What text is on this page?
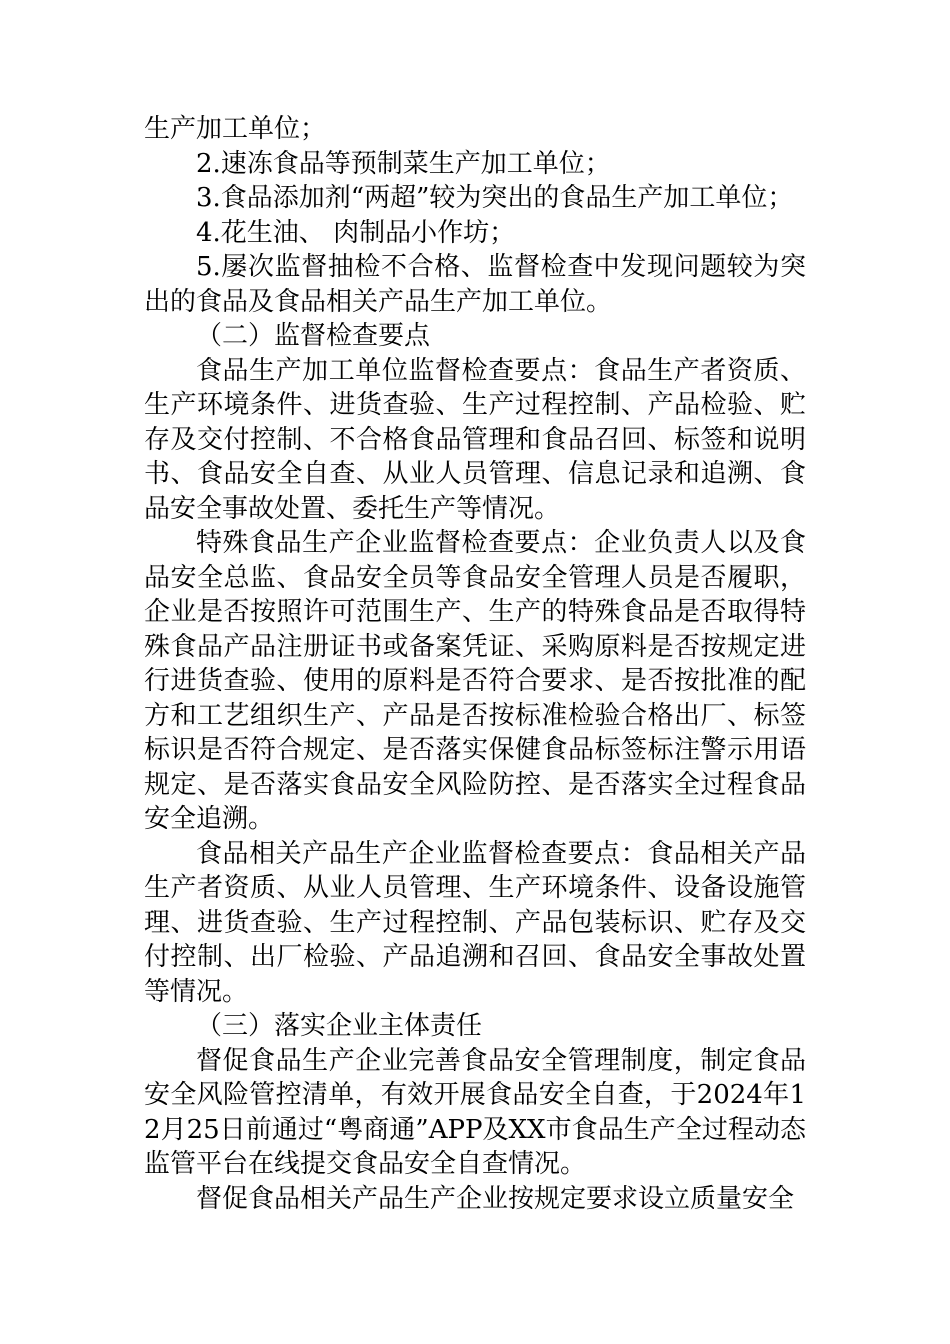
生产加工单位；

2.速冻食品等预制菜生产加工单位；

3.食品添加剂“两超”较为突出的食品生产加工单位；

4.花生油、 肉制品小作坊；

5.屡次监督抽检不合格、监督检查中发现问题较为突出的食品及食品相关产品生产加工单位。

（二）监督检查要点

食品生产加工单位监督检查要点：食品生产者资质、生产环境条件、进货查验、生产过程控制、产品检验、贮存及交付控制、不合格食品管理和食品召回、标签和说明书、食品安全自查、从业人员管理、信息记录和追溯、食品安全事故处置、委托生产等情况。

特殊食品生产企业监督检查要点：企业负责人以及食品安全总监、食品安全员等食品安全管理人员是否履职，企业是否按照许可范围生产、生产的特殊食品是否取得特殊食品产品注册证书或备案凭证、采购原料是否按规定进行进货查验、使用的原料是否符合要求、是否按批准的配方和工艺组织生产、产品是否按标准检验合格出厂、标签标识是否符合规定、是否落实保健食品标签标注警示用语规定、是否落实食品安全风险防控、是否落实全过程食品安全追溯。

食品相关产品生产企业监督检查要点：食品相关产品生产者资质、从业人员管理、生产环境条件、设备设施管理、进货查验、生产过程控制、产品包装标识、贮存及交付控制、出厂检验、产品追溯和召回、食品安全事故处置等情况。

（三）落实企业主体责任

督促食品生产企业完善食品安全管理制度，制定食品安全风险管控清单，有效开展食品安全自查，于2024年12月25日前通过“粤商通”APP及XX市食品生产全过程动态监管平台在线提交食品安全自查情况。

督促食品相关产品生产企业按规定要求设立质量安全
